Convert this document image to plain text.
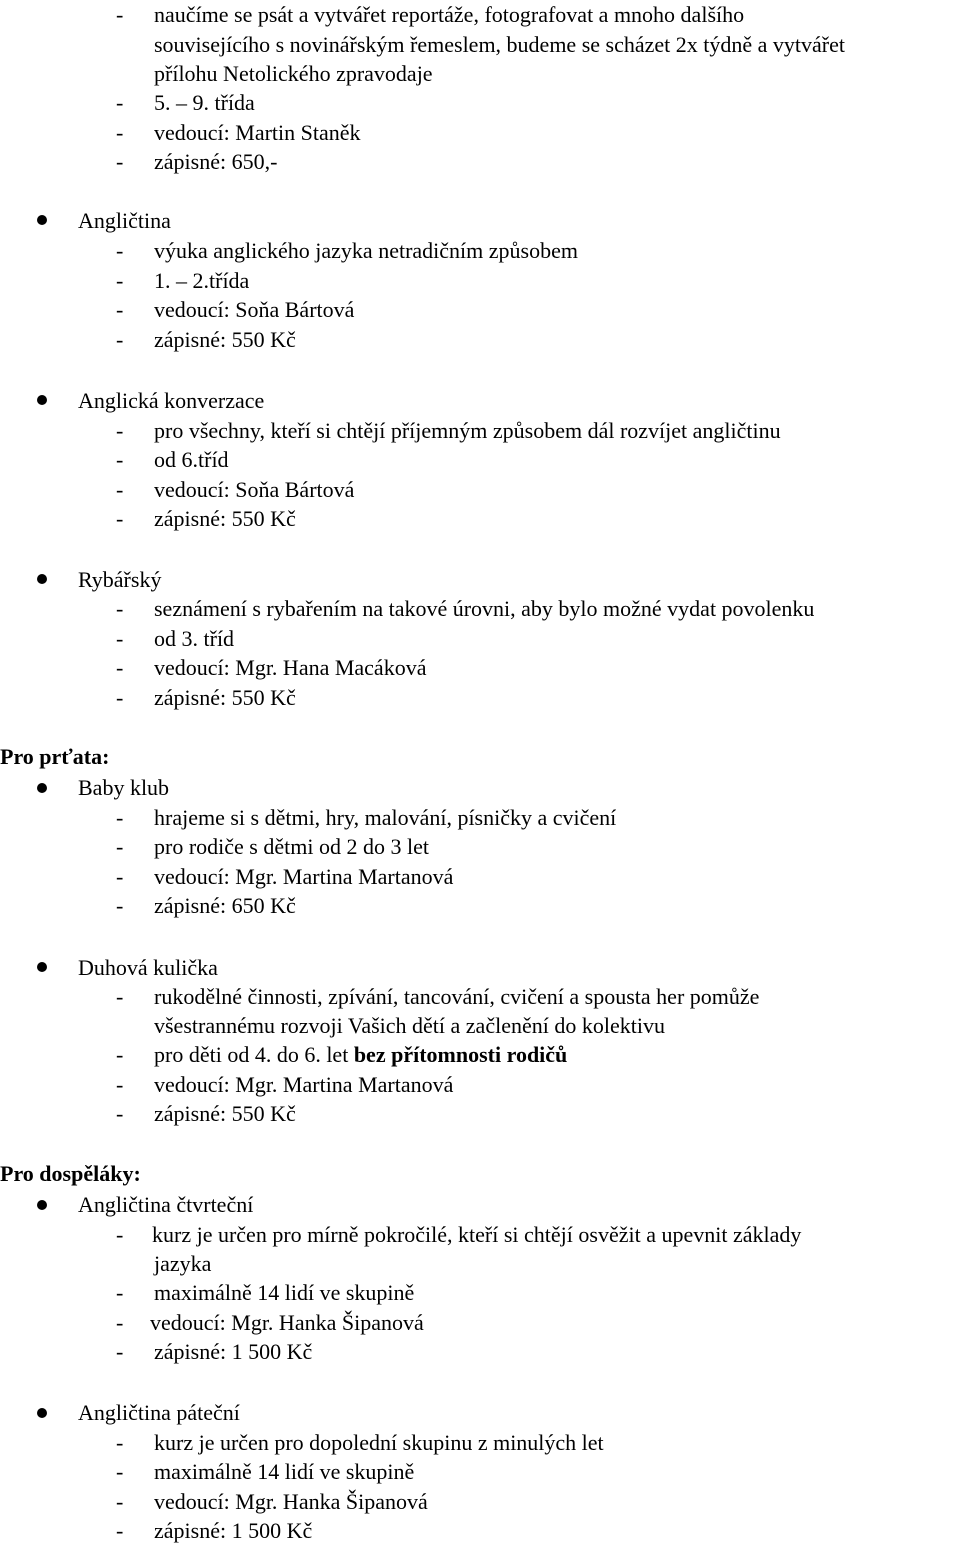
- naučíme se psát a vytvářet reportáže, fotografovat a mnoho dalšího
souvisejícího s novinářským řemeslem, budeme se scházet 2x týdně a vytvářet
přílohu Netolického zpravodaje
- 5. – 9. třída
- vedoucí: Martin Staněk
- zápisné: 650,-
Angličtina
- výuka anglického jazyka netradičním způsobem
- 1. – 2.třída
- vedoucí: Soňa Bártová
- zápisné: 550 Kč
Anglická konverzace
- pro všechny, kteří si chtějí příjemným způsobem dál rozvíjet angličtinu
- od 6.tříd
- vedoucí: Soňa Bártová
- zápisné: 550 Kč
Rybářský
- seznámení s rybařením na takové úrovni, aby bylo možné vydat povolenku
- od 3. tříd
- vedoucí: Mgr. Hana Macáková
- zápisné: 550 Kč
Pro prťata:
Baby klub
- hrajeme si s dětmi, hry, malování, písničky a cvičení
- pro rodiče s dětmi od 2 do 3 let
- vedoucí: Mgr. Martina Martanová
- zápisné: 650 Kč
Duhová kulička
- rukodělné činnosti, zpívání, tancování, cvičení a spousta her pomůže
všestrannému rozvoji Vašich dětí a začlenění do kolektivu
- pro děti od 4. do 6. let bez přítomnosti rodičů
- vedoucí: Mgr. Martina Martanová
- zápisné: 550 Kč
Pro dospěláky:
Angličtina čtvrteční
- kurz je určen pro mírně pokročilé, kteří si chtějí osvěžit a upevnit základy
jazyka
- maximálně 14 lidí ve skupině
- vedoucí: Mgr. Hanka Šipanová
- zápisné: 1 500 Kč
Angličtina páteční
- kurz je určen pro dopolední skupinu z minulých let
- maximálně 14 lidí ve skupině
- vedoucí: Mgr. Hanka Šipanová
- zápisné: 1 500 Kč
